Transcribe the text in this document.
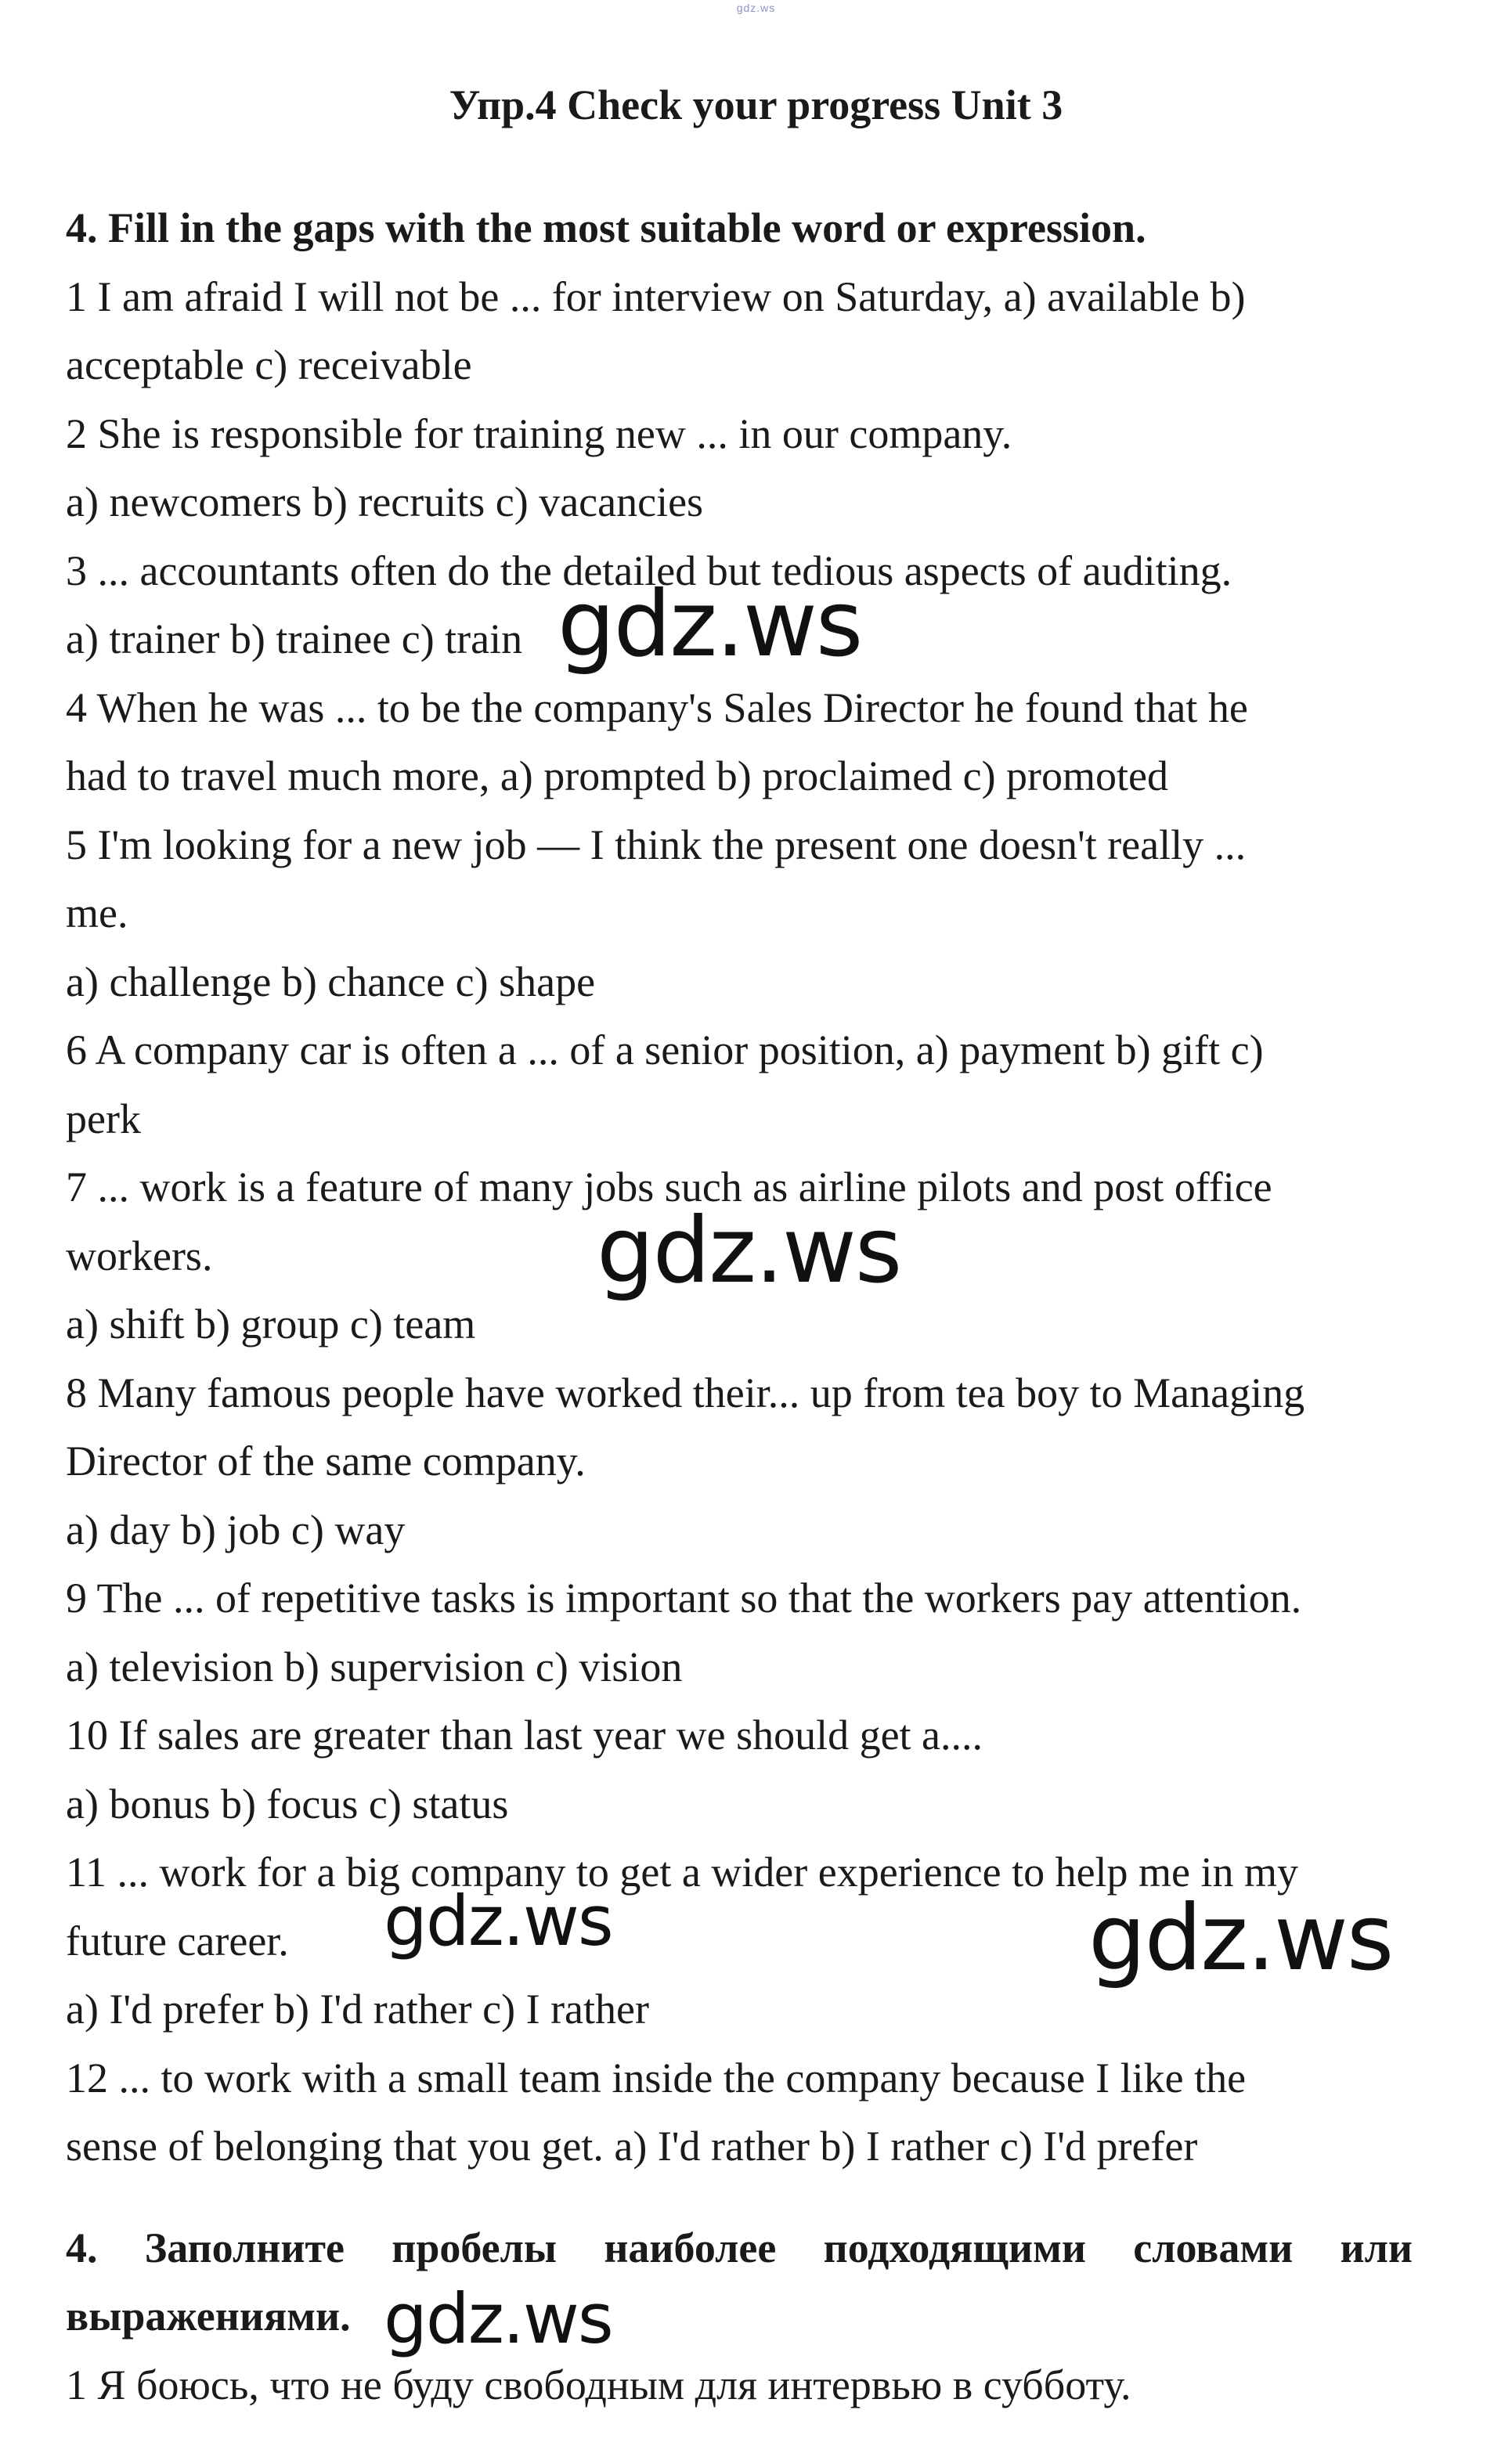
gdz.ws
Упр.4 Check your progress Unit 3
4. Fill in the gaps with the most suitable word or expression.
1 I am afraid I will not be ... for interview on Saturday, a) available b)
acceptable c) receivable
2 She is responsible for training new ... in our company.
a) newcomers b) recruits c) vacancies
3 ... accountants often do the detailed but tedious aspects of auditing.
a) trainer b) trainee c) train
4 When he was ... to be the company's Sales Director he found that he
had to travel much more, a) prompted b) proclaimed c) promoted
5 I'm looking for a new job — I think the present one doesn't really ...
me.
a) challenge b) chance c) shape
6 A company car is often a ... of a senior position, a) payment b) gift c)
perk
7 ... work is a feature of many jobs such as airline pilots and post office
workers.
a) shift b) group c) team
8 Many famous people have worked their... up from tea boy to Managing
Director of the same company.
a) day b) job c) way
9 The ... of repetitive tasks is important so that the workers pay attention.
a) television b) supervision c) vision
10 If sales are greater than last year we should get a....
a) bonus b) focus c) status
11 ... work for a big company to get a wider experience to help me in my
future career.
a) I'd prefer b) I'd rather c) I rather
12 ... to work with a small team inside the company because I like the
sense of belonging that you get. a) I'd rather b) I rather c) I'd prefer
4. Заполните пробелы наиболее подходящими словами или
выражениями.
1 Я боюсь, что не буду свободным для интервью в субботу.
gdz.ws
gdz.ws
gdz.ws	gdz.ws
gdz.ws
